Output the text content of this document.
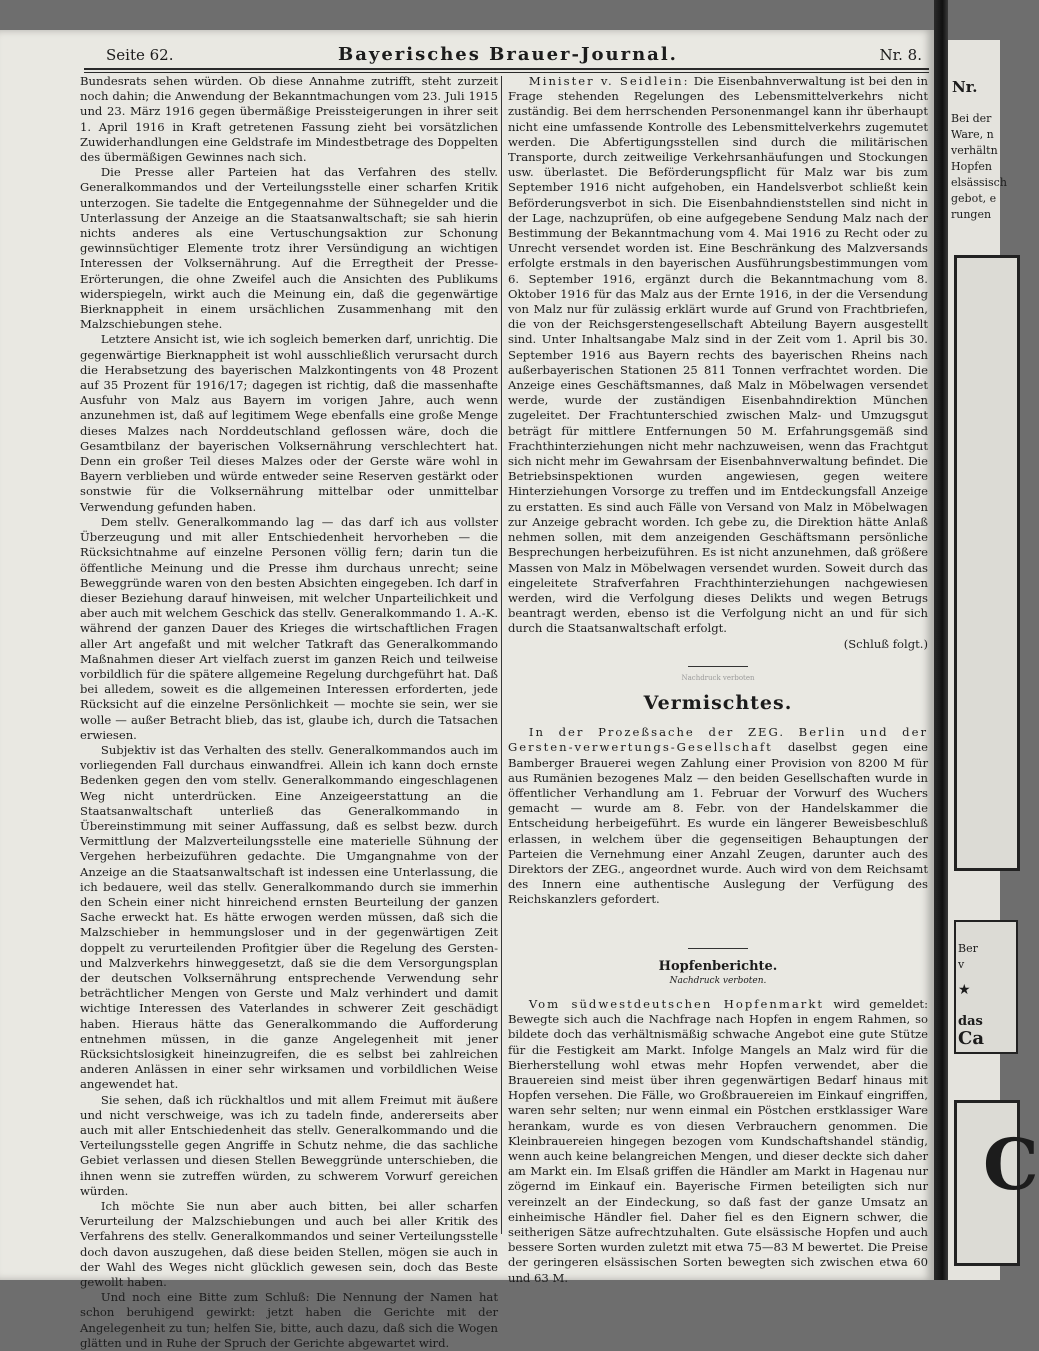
Seite 62.	Bayerisches Brauer-Journal.	Nr. 8.

Bundesrats sehen würden. Ob diese Annahme zutrifft, steht zurzeit noch dahin; die Anwendung der Bekanntmachungen vom 23. Juli 1915 und 23. März 1916 gegen übermäßige Preissteigerungen in ihrer seit 1. April 1916 in Kraft getretenen Fassung zieht bei vorsätzlichen Zuwiderhandlungen eine Geldstrafe im Mindestbetrage des Doppelten des übermäßigen Gewinnes nach sich.

Die Presse aller Parteien hat das Verfahren des stellv. Generalkommandos und der Verteilungsstelle einer scharfen Kritik unterzogen. Sie tadelte die Entgegennahme der Sühnegelder und die Unterlassung der Anzeige an die Staatsanwaltschaft; sie sah hierin nichts anderes als eine Vertuschungsaktion zur Schonung gewinnsüchtiger Elemente trotz ihrer Versündigung an wichtigen Interessen der Volksernährung. Auf die Erregtheit der Presse-Erörterungen, die ohne Zweifel auch die Ansichten des Publikums widerspiegeln, wirkt auch die Meinung ein, daß die gegenwärtige Bierknappheit in einem ursächlichen Zusammenhang mit den Malzschiebungen stehe.

Letztere Ansicht ist, wie ich sogleich bemerken darf, unrichtig. Die gegenwärtige Bierknappheit ist wohl ausschließlich verursacht durch die Herabsetzung des bayerischen Malzkontingents von 48 Prozent auf 35 Prozent für 1916/17; dagegen ist richtig, daß die massenhafte Ausfuhr von Malz aus Bayern im vorigen Jahre, auch wenn anzunehmen ist, daß auf legitimem Wege ebenfalls eine große Menge dieses Malzes nach Norddeutschland geflossen wäre, doch die Gesamtbilanz der bayerischen Volksernährung verschlechtert hat. Denn ein großer Teil dieses Malzes oder der Gerste wäre wohl in Bayern verblieben und würde entweder seine Reserven gestärkt oder sonstwie für die Volksernährung mittelbar oder unmittelbar Verwendung gefunden haben.

Dem stellv. Generalkommando lag — das darf ich aus vollster Überzeugung und mit aller Entschiedenheit hervorheben — die Rücksichtnahme auf einzelne Personen völlig fern; darin tun die öffentliche Meinung und die Presse ihm durchaus unrecht; seine Beweggründe waren von den besten Absichten eingegeben. Ich darf in dieser Beziehung darauf hinweisen, mit welcher Unparteilichkeit und aber auch mit welchem Geschick das stellv. Generalkommando 1. A.-K. während der ganzen Dauer des Krieges die wirtschaftlichen Fragen aller Art angefaßt und mit welcher Tatkraft das Generalkommando Maßnahmen dieser Art vielfach zuerst im ganzen Reich und teilweise vorbildlich für die spätere allgemeine Regelung durchgeführt hat. Daß bei alledem, soweit es die allgemeinen Interessen erforderten, jede Rücksicht auf die einzelne Persönlichkeit — mochte sie sein, wer sie wolle — außer Betracht blieb, das ist, glaube ich, durch die Tatsachen erwiesen.

Subjektiv ist das Verhalten des stellv. Generalkommandos auch im vorliegenden Fall durchaus einwandfrei. Allein ich kann doch ernste Bedenken gegen den vom stellv. Generalkommando eingeschlagenen Weg nicht unterdrücken. Eine Anzeigeerstattung an die Staatsanwaltschaft unterließ das Generalkommando in Übereinstimmung mit seiner Auffassung, daß es selbst bezw. durch Vermittlung der Malzverteilungsstelle eine materielle Sühnung der Vergehen herbeizuführen gedachte. Die Umgangnahme von der Anzeige an die Staatsanwaltschaft ist indessen eine Unterlassung, die ich bedauere, weil das stellv. Generalkommando durch sie immerhin den Schein einer nicht hinreichend ernsten Beurteilung der ganzen Sache erweckt hat. Es hätte erwogen werden müssen, daß sich die Malzschieber in hemmungsloser und in der gegenwärtigen Zeit doppelt zu verurteilenden Profitgier über die Regelung des Gersten- und Malzverkehrs hinweggesetzt, daß sie die dem Versorgungsplan der deutschen Volksernährung entsprechende Verwendung sehr beträchtlicher Mengen von Gerste und Malz verhindert und damit wichtige Interessen des Vaterlandes in schwerer Zeit geschädigt haben. Hieraus hätte das Generalkommando die Aufforderung entnehmen müssen, in die ganze Angelegenheit mit jener Rücksichtslosigkeit hineinzugreifen, die es selbst bei zahlreichen anderen Anlässen in einer sehr wirksamen und vorbildlichen Weise angewendet hat.

Sie sehen, daß ich rückhaltlos und mit allem Freimut mit äußere und nicht verschweige, was ich zu tadeln finde, andererseits aber auch mit aller Entschiedenheit das stellv. Generalkommando und die Verteilungsstelle gegen Angriffe in Schutz nehme, die das sachliche Gebiet verlassen und diesen Stellen Beweggründe unterschieben, die ihnen wenn sie zutreffen würden, zu schwerem Vorwurf gereichen würden.

Ich möchte Sie nun aber auch bitten, bei aller scharfen Verurteilung der Malzschiebungen und auch bei aller Kritik des Verfahrens des stellv. Generalkommandos und seiner Verteilungsstelle doch davon auszugehen, daß diese beiden Stellen, mögen sie auch in der Wahl des Weges nicht glücklich gewesen sein, doch das Beste gewollt haben.

Und noch eine Bitte zum Schluß: Die Nennung der Namen hat schon beruhigend gewirkt: jetzt haben die Gerichte mit der Angelegenheit zu tun; helfen Sie, bitte, auch dazu, daß sich die Wogen glätten und in Ruhe der Spruch der Gerichte abgewartet wird.

Minister v. Seidlein: Die Eisenbahnverwaltung ist bei den in Frage stehenden Regelungen des Lebensmittelverkehrs nicht zuständig. Bei dem herrschenden Personenmangel kann ihr überhaupt nicht eine umfassende Kontrolle des Lebensmittelverkehrs zugemutet werden. Die Abfertigungsstellen sind durch die militärischen Transporte, durch zeitweilige Verkehrsanhäufungen und Stockungen usw. überlastet. Die Beförderungspflicht für Malz war bis zum September 1916 nicht aufgehoben, ein Handelsverbot schließt kein Beförderungsverbot in sich. Die Eisenbahndienststellen sind nicht in der Lage, nachzuprüfen, ob eine aufgegebene Sendung Malz nach der Bestimmung der Bekanntmachung vom 4. Mai 1916 zu Recht oder zu Unrecht versendet worden ist. Eine Beschränkung des Malzversands erfolgte erstmals in den bayerischen Ausführungsbestimmungen vom 6. September 1916, ergänzt durch die Bekanntmachung vom 8. Oktober 1916 für das Malz aus der Ernte 1916, in der die Versendung von Malz nur für zulässig erklärt wurde auf Grund von Frachtbriefen, die von der Reichsgerstengesellschaft Abteilung Bayern ausgestellt sind. Unter Inhaltsangabe Malz sind in der Zeit vom 1. April bis 30. September 1916 aus Bayern rechts des bayerischen Rheins nach außerbayerischen Stationen 25 811 Tonnen verfrachtet worden. Die Anzeige eines Geschäftsmannes, daß Malz in Möbelwagen versendet werde, wurde der zuständigen Eisenbahndirektion München zugeleitet. Der Frachtunterschied zwischen Malz- und Umzugsgut beträgt für mittlere Entfernungen 50 M. Erfahrungsgemäß sind Frachthinterziehungen nicht mehr nachzuweisen, wenn das Frachtgut sich nicht mehr im Gewahrsam der Eisenbahnverwaltung befindet. Die Betriebsinspektionen wurden angewiesen, gegen weitere Hinterziehungen Vorsorge zu treffen und im Entdeckungsfall Anzeige zu erstatten. Es sind auch Fälle von Versand von Malz in Möbelwagen zur Anzeige gebracht worden. Ich gebe zu, die Direktion hätte Anlaß nehmen sollen, mit dem anzeigenden Geschäftsmann persönliche Besprechungen herbeizuführen. Es ist nicht anzunehmen, daß größere Massen von Malz in Möbelwagen versendet wurden. Soweit durch das eingeleitete Strafverfahren Frachthinterziehungen nachgewiesen werden, wird die Verfolgung dieses Delikts und wegen Betrugs beantragt werden, ebenso ist die Verfolgung nicht an und für sich durch die Staatsanwaltschaft erfolgt.

(Schluß folgt.)
Nachdruck verboten
Vermischtes.

In der Prozeßsache der ZEG. Berlin und der Gersten-verwertungs-Gesellschaft daselbst gegen eine Bamberger Brauerei wegen Zahlung einer Provision von 8200 M für aus Rumänien bezogenes Malz — den beiden Gesellschaften wurde in öffentlicher Verhandlung am 1. Februar der Vorwurf des Wuchers gemacht — wurde am 8. Febr. von der Handelskammer die Entscheidung herbeigeführt. Es wurde ein längerer Beweisbeschluß erlassen, in welchem über die gegenseitigen Behauptungen der Parteien die Vernehmung einer Anzahl Zeugen, darunter auch des Direktors der ZEG., angeordnet wurde. Auch wird von dem Reichsamt des Innern eine authentische Auslegung der Verfügung des Reichskanzlers gefordert.

Hopfenberichte.
Nachdruck verboten.

Vom südwestdeutschen Hopfenmarkt wird gemeldet: Bewegte sich auch die Nachfrage nach Hopfen in engem Rahmen, so bildete doch das verhältnismäßig schwache Angebot eine gute Stütze für die Festigkeit am Markt. Infolge Mangels an Malz wird für die Bierherstellung wohl etwas mehr Hopfen verwendet, aber die Brauereien sind meist über ihren gegenwärtigen Bedarf hinaus mit Hopfen versehen. Die Fälle, wo Großbrauereien im Einkauf eingriffen, waren sehr selten; nur wenn einmal ein Pöstchen erstklassiger Ware herankam, wurde es von diesen Verbrauchern genommen. Die Kleinbrauereien hingegen bezogen vom Kundschaftshandel ständig, wenn auch keine belangreichen Mengen, und dieser deckte sich daher am Markt ein. Im Elsaß griffen die Händler am Markt in Hagenau nur zögernd im Einkauf ein. Bayerische Firmen beteiligten sich nur vereinzelt an der Eindeckung, so daß fast der ganze Umsatz an einheimische Händler fiel. Daher fiel es den Eignern schwer, die seitherigen Sätze aufrechtzuhalten. Gute elsässische Hopfen und auch bessere Sorten wurden zuletzt mit etwa 75—83 M bewertet. Die Preise der geringeren elsässischen Sorten bewegten sich zwischen etwa 60 und 63 M.

Nr.
Bei der
Ware, n
verhältn
Hopfen
elsässisch
gebot, e
rungen
Ber
v
★
das
Ca
C
